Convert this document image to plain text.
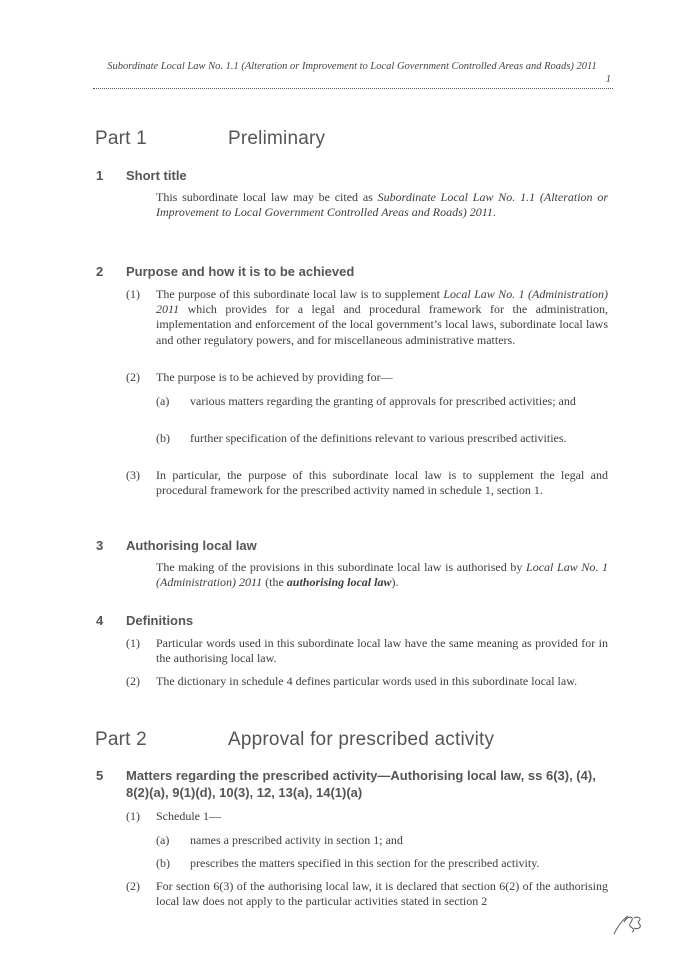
Subordinate Local Law No. 1.1 (Alteration or Improvement to Local Government Controlled Areas and Roads) 2011
1
Part 1	Preliminary
1 Short title
This subordinate local law may be cited as Subordinate Local Law No. 1.1 (Alteration or Improvement to Local Government Controlled Areas and Roads) 2011.
2 Purpose and how it is to be achieved
(1) The purpose of this subordinate local law is to supplement Local Law No. 1 (Administration) 2011 which provides for a legal and procedural framework for the administration, implementation and enforcement of the local government’s local laws, subordinate local laws and other regulatory powers, and for miscellaneous administrative matters.
(2) The purpose is to be achieved by providing for—
(a) various matters regarding the granting of approvals for prescribed activities; and
(b) further specification of the definitions relevant to various prescribed activities.
(3) In particular, the purpose of this subordinate local law is to supplement the legal and procedural framework for the prescribed activity named in schedule 1, section 1.
3 Authorising local law
The making of the provisions in this subordinate local law is authorised by Local Law No. 1 (Administration) 2011 (the authorising local law).
4 Definitions
(1) Particular words used in this subordinate local law have the same meaning as provided for in the authorising local law.
(2) The dictionary in schedule 4 defines particular words used in this subordinate local law.
Part 2	Approval for prescribed activity
5 Matters regarding the prescribed activity—Authorising local law, ss 6(3), (4), 8(2)(a), 9(1)(d), 10(3), 12, 13(a), 14(1)(a)
(1) Schedule 1—
(a) names a prescribed activity in section 1; and
(b) prescribes the matters specified in this section for the prescribed activity.
(2) For section 6(3) of the authorising local law, it is declared that section 6(2) of the authorising local law does not apply to the particular activities stated in section 2
